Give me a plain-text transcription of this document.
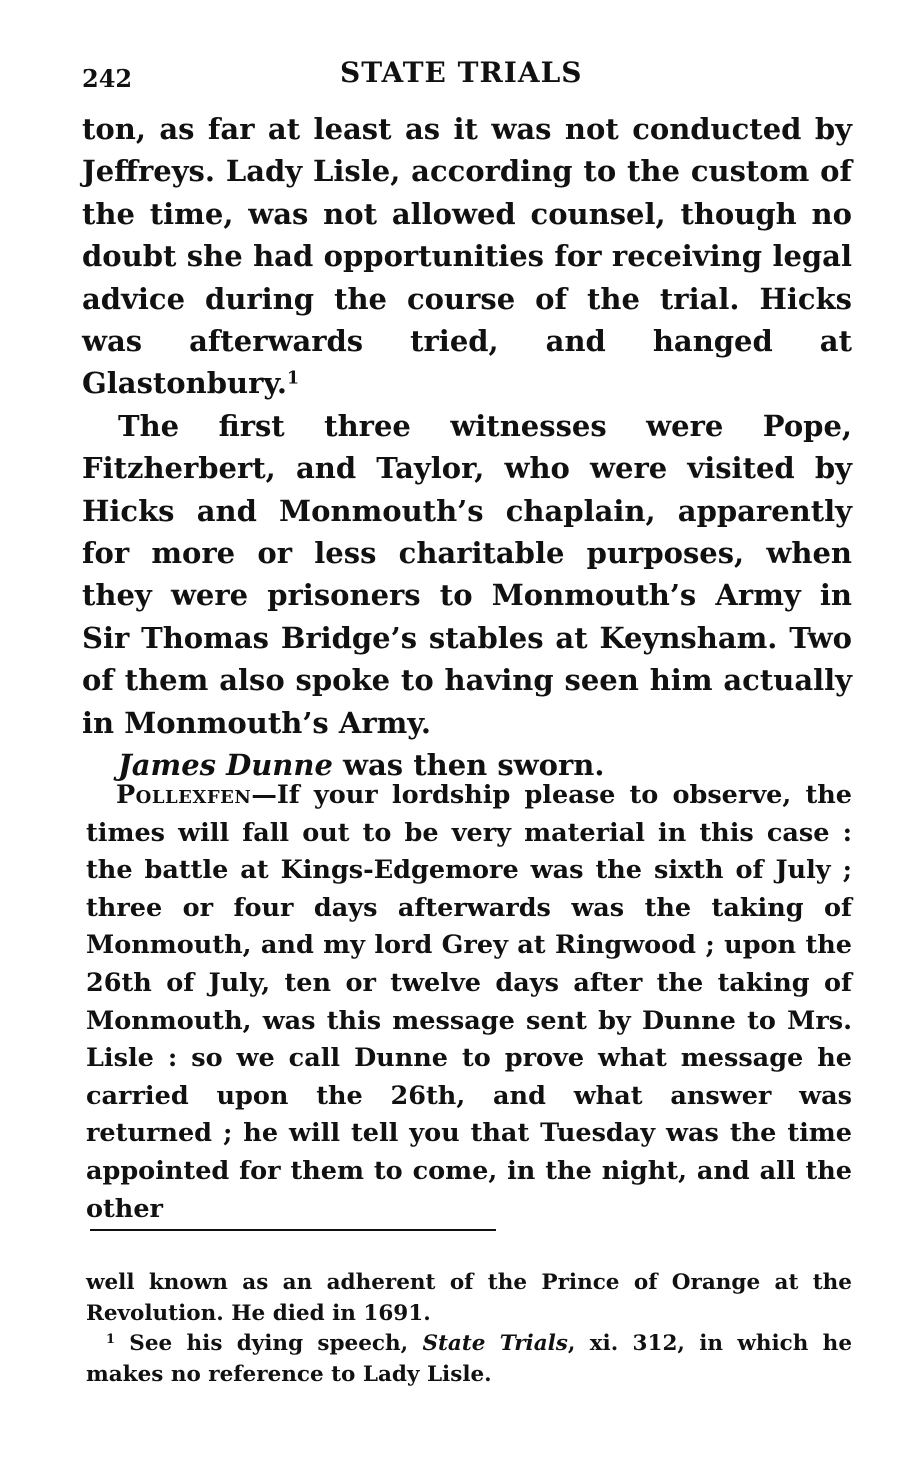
242	STATE TRIALS

ton, as far at least as it was not conducted by Jeffreys. Lady Lisle, according to the custom of the time, was not allowed counsel, though no doubt she had opportunities for receiving legal advice during the course of the trial. Hicks was afterwards tried, and hanged at Glastonbury.$^1$

The first three witnesses were Pope, Fitzherbert, and Taylor, who were visited by Hicks and Monmouth’s chaplain, apparently for more or less charitable purposes, when they were prisoners to Monmouth’s Army in Sir Thomas Bridge’s stables at Keynsham. Two of them also spoke to having seen him actually in Monmouth’s Army.

James Dunne was then sworn.

Pollexfen—If your lordship please to observe, the times will fall out to be very material in this case : the battle at Kings-Edgemore was the sixth of July ; three or four days afterwards was the taking of Monmouth, and my lord Grey at Ringwood ; upon the 26th of July, ten or twelve days after the taking of Monmouth, was this message sent by Dunne to Mrs. Lisle : so we call Dunne to prove what message he carried upon the 26th, and what answer was returned ; he will tell you that Tuesday was the time appointed for them to come, in the night, and all the other

well known as an adherent of the Prince of Orange at the Revolution. He died in 1691.

$^1$ See his dying speech, State Trials, xi. 312, in which he makes no reference to Lady Lisle.
